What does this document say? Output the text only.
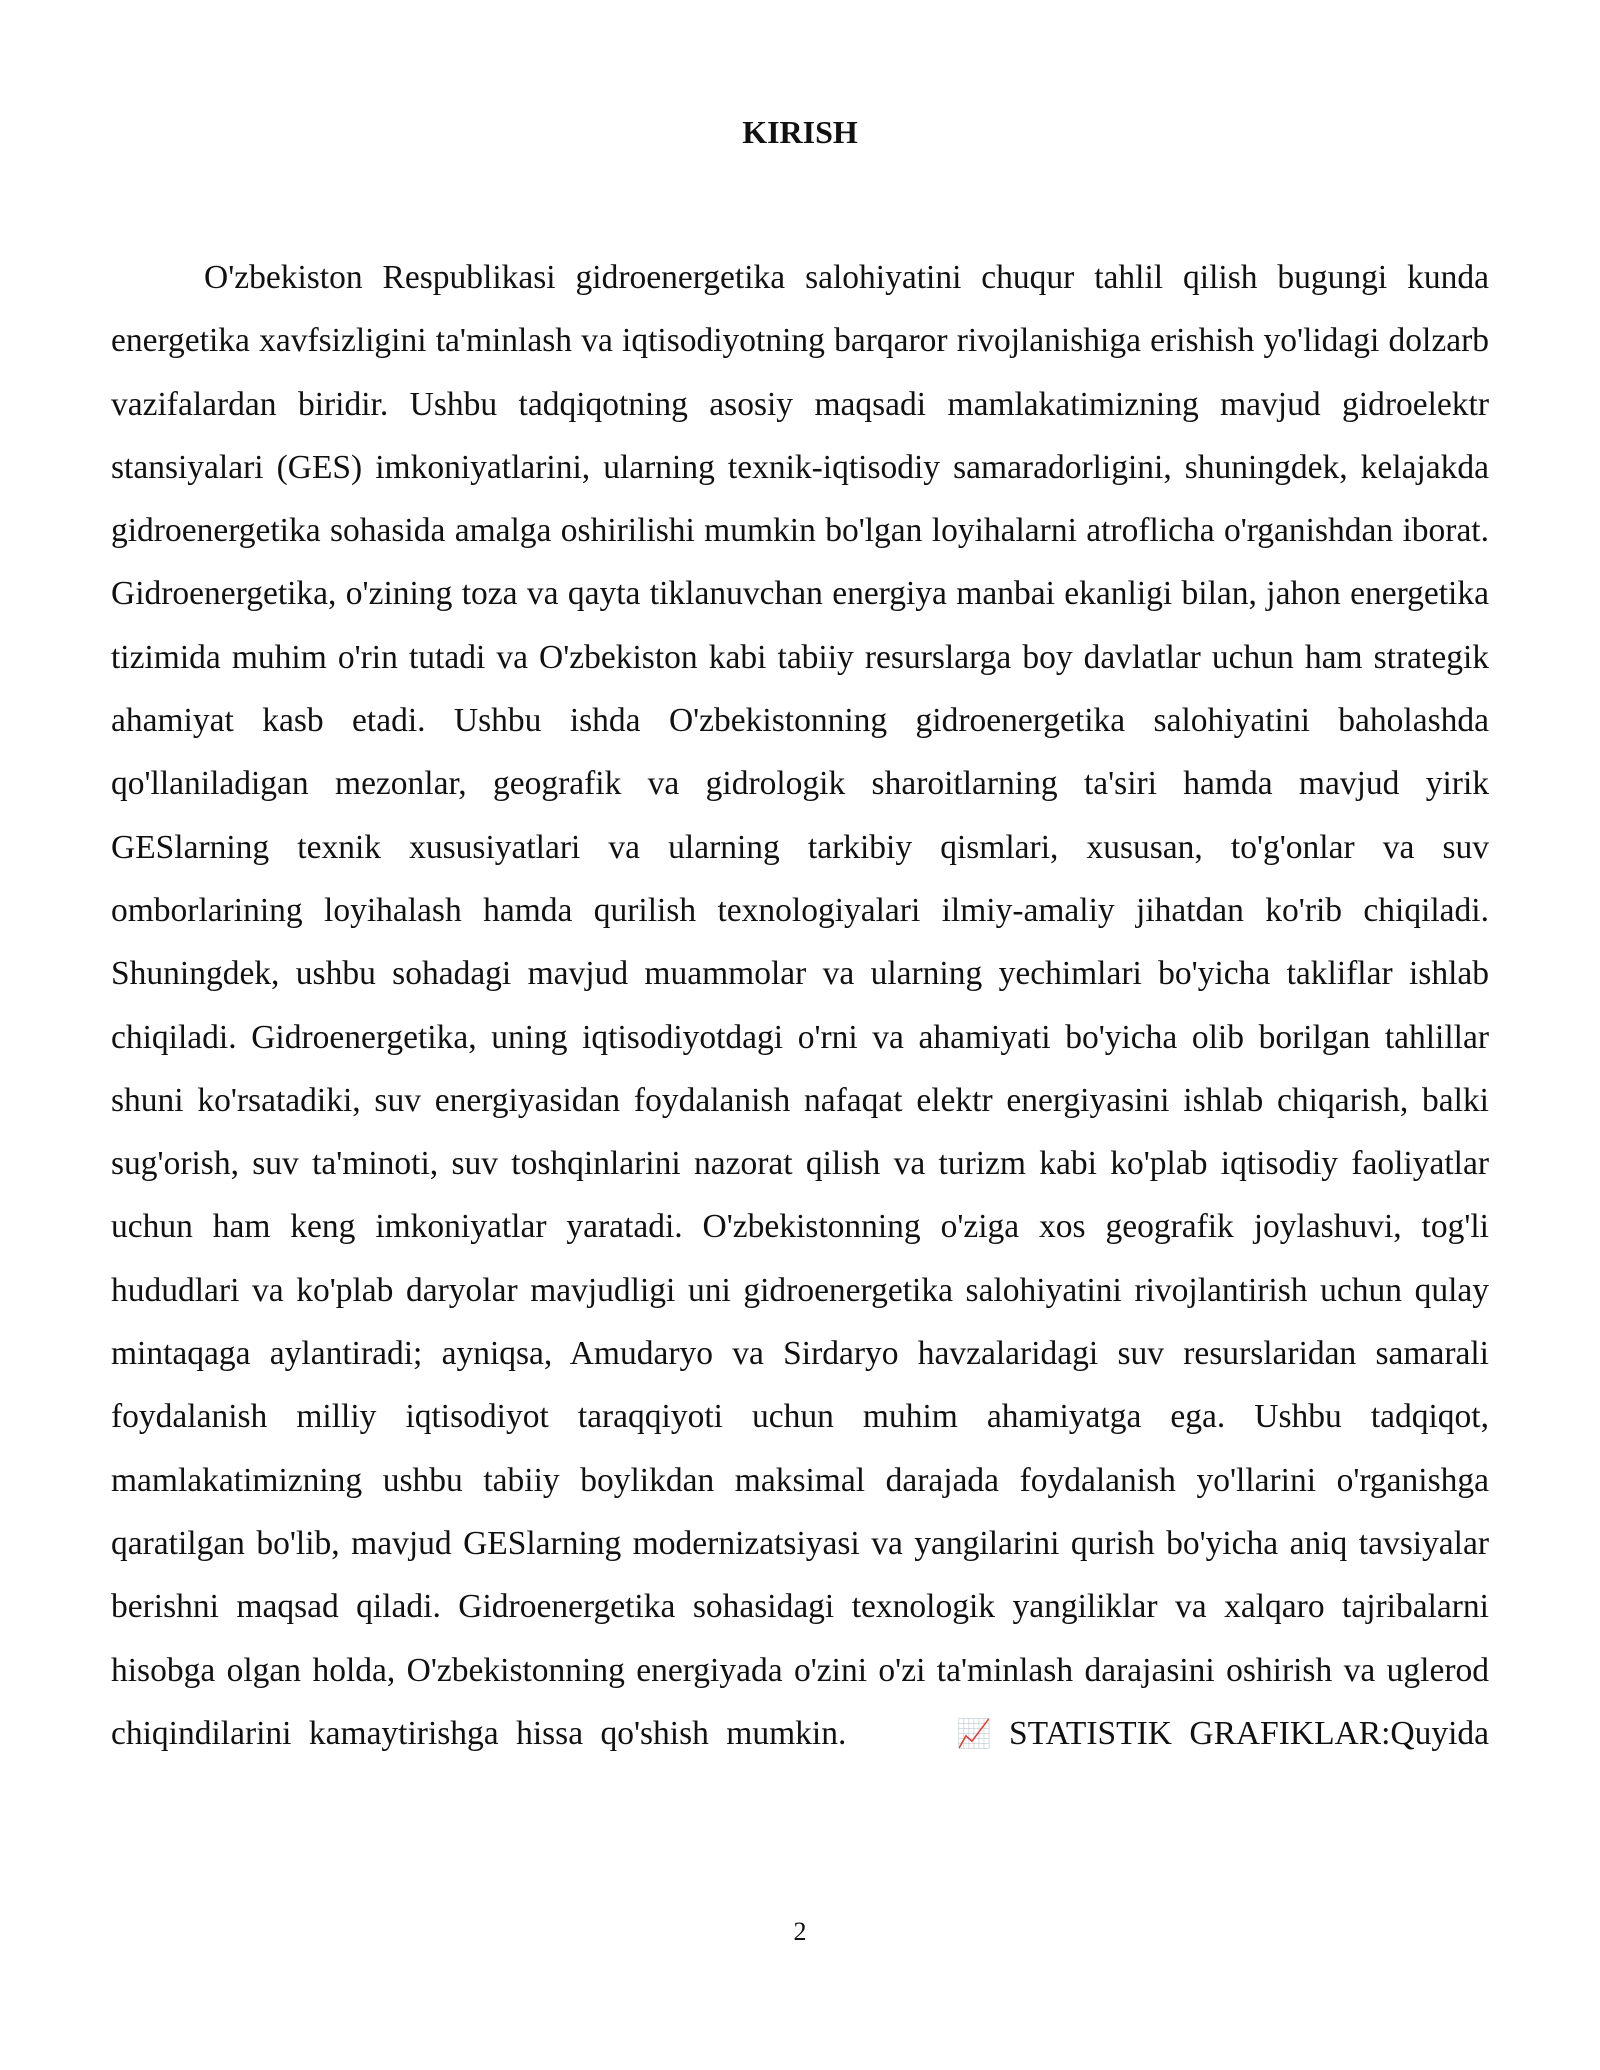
KIRISH

O'zbekiston Respublikasi gidroenergetika salohiyatini chuqur tahlil qilish bugungi kunda energetika xavfsizligini ta'minlash va iqtisodiyotning barqaror rivojlanishiga erishish yo'lidagi dolzarb vazifalardan biridir. Ushbu tadqiqotning asosiy maqsadi mamlakatimizning mavjud gidroelektr stansiyalari (GES) imkoniyatlarini, ularning texnik-iqtisodiy samaradorligini, shuningdek, kelajakda gidroenergetika sohasida amalga oshirilishi mumkin bo'lgan loyihalarni atroflicha o'rganishdan iborat. Gidroenergetika, o'zining toza va qayta tiklanuvchan energiya manbai ekanligi bilan, jahon energetika tizimida muhim o'rin tutadi va O'zbekiston kabi tabiiy resurslarga boy davlatlar uchun ham strategik ahamiyat kasb etadi. Ushbu ishda O'zbekistonning gidroenergetika salohiyatini baholashda qo'llaniladigan mezonlar, geografik va gidrologik sharoitlarning ta'siri hamda mavjud yirik GESlarning texnik xususiyatlari va ularning tarkibiy qismlari, xususan, to'g'onlar va suv omborlarining loyihalash hamda qurilish texnologiyalari ilmiy-amaliy jihatdan ko'rib chiqiladi. Shuningdek, ushbu sohadagi mavjud muammolar va ularning yechimlari bo'yicha takliflar ishlab chiqiladi. Gidroenergetika, uning iqtisodiyotdagi o'rni va ahamiyati bo'yicha olib borilgan tahlillar shuni ko'rsatadiki, suv energiyasidan foydalanish nafaqat elektr energiyasini ishlab chiqarish, balki sug'orish, suv ta'minoti, suv toshqinlarini nazorat qilish va turizm kabi ko'plab iqtisodiy faoliyatlar uchun ham keng imkoniyatlar yaratadi. O'zbekistonning o'ziga xos geografik joylashuvi, tog'li hududlari va ko'plab daryolar mavjudligi uni gidroenergetika salohiyatini rivojlantirish uchun qulay mintaqaga aylantiradi; ayniqsa, Amudaryo va Sirdaryo havzalaridagi suv resurslaridan samarali foydalanish milliy iqtisodiyot taraqqiyoti uchun muhim ahamiyatga ega. Ushbu tadqiqot, mamlakatimizning ushbu tabiiy boylikdan maksimal darajada foydalanish yo'llarini o'rganishga qaratilgan bo'lib, mavjud GESlarning modernizatsiyasi va yangilarini qurish bo'yicha aniq tavsiyalar berishni maqsad qiladi. Gidroenergetika sohasidagi texnologik yangiliklar va xalqaro tajribalarni hisobga olgan holda, O'zbekistonning energiyada o'zini o'zi ta'minlash darajasini oshirish va uglerod chiqindilarini kamaytirishga hissa qo'shish mumkin.	📈 STATISTIK GRAFIKLAR:Quyida

2
